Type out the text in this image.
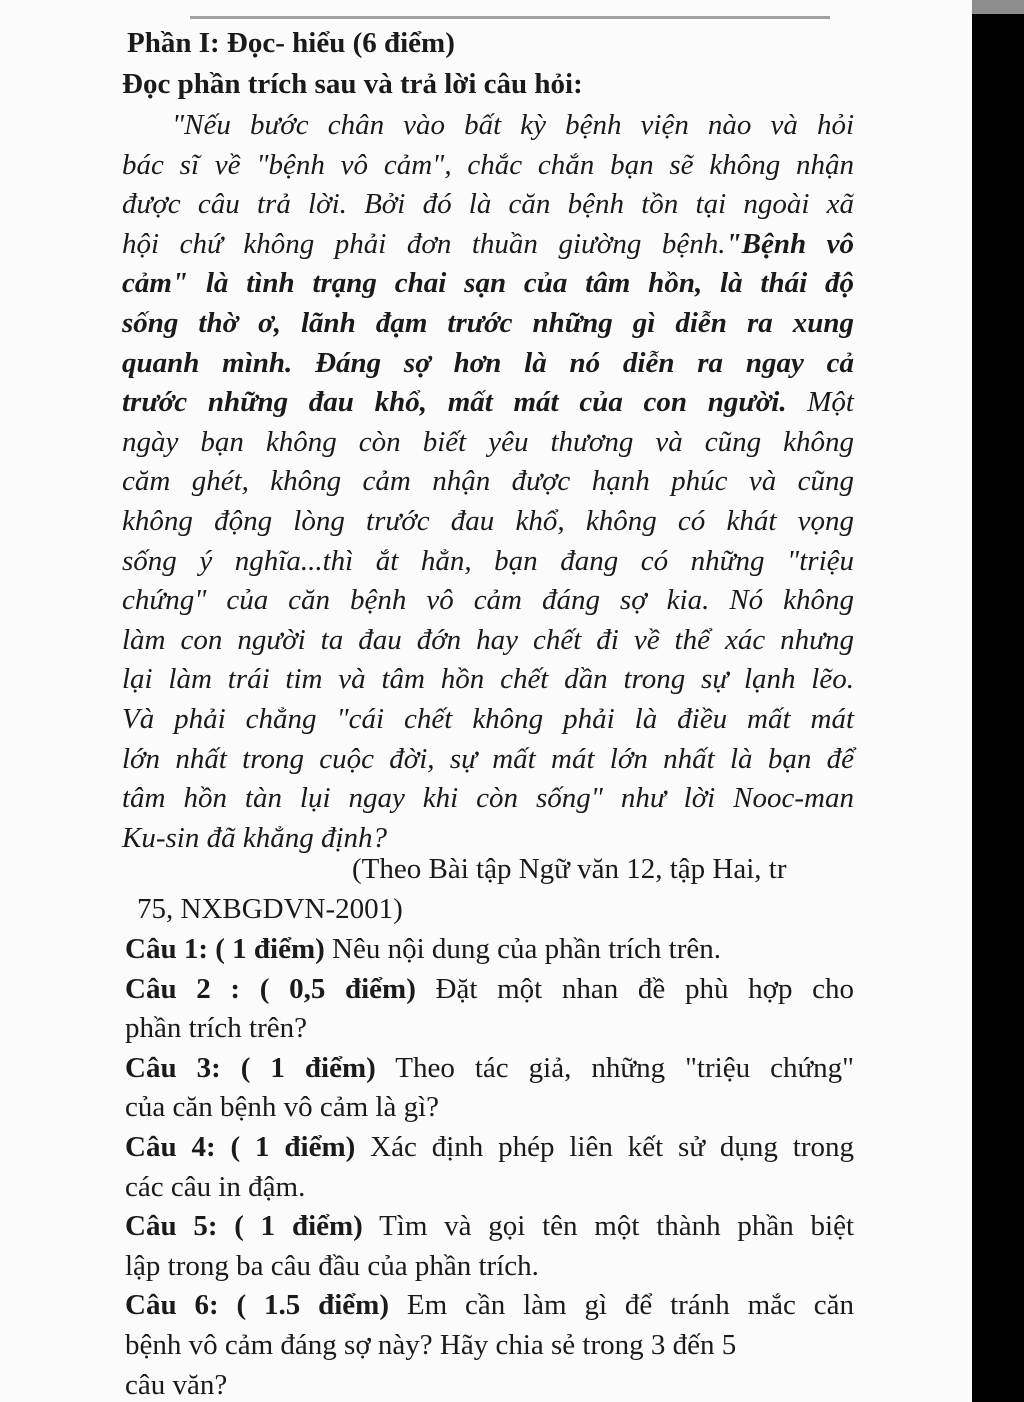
Phần I: Đọc- hiểu (6 điểm)
Đọc phần trích sau và trả lời câu hỏi:
"Nếu bước chân vào bất kỳ bệnh viện nào và hỏi
bác sĩ về "bệnh vô cảm", chắc chắn bạn sẽ không nhận
được câu trả lời. Bởi đó là căn bệnh tồn tại ngoài xã
hội chứ không phải đơn thuần giường bệnh."Bệnh vô
cảm" là tình trạng chai sạn của tâm hồn, là thái độ
sống thờ ơ, lãnh đạm trước những gì diễn ra xung
quanh mình. Đáng sợ hơn là nó diễn ra ngay cả
trước những đau khổ, mất mát của con người. Một
ngày bạn không còn biết yêu thương và cũng không
căm ghét, không cảm nhận được hạnh phúc và cũng
không động lòng trước đau khổ, không có khát vọng
sống ý nghĩa...thì ắt hẳn, bạn đang có những "triệu
chứng" của căn bệnh vô cảm đáng sợ kia. Nó không
làm con người ta đau đớn hay chết đi về thể xác nhưng
lại làm trái tim và tâm hồn chết dần trong sự lạnh lẽo.
Và phải chẳng "cái chết không phải là điều mất mát
lớn nhất trong cuộc đời, sự mất mát lớn nhất là bạn để
tâm hồn tàn lụi ngay khi còn sống" như lời Nooc-man
Ku-sin đã khẳng định?
(Theo Bài tập Ngữ văn 12, tập Hai, tr
75, NXBGDVN-2001)
Câu 1: ( 1 điểm) Nêu nội dung của phần trích trên.
Câu 2 : ( 0,5 điểm) Đặt một nhan đề phù hợp cho
phần trích trên?
Câu 3: ( 1 điểm) Theo tác giả, những "triệu chứng"
của căn bệnh vô cảm là gì?
Câu 4: ( 1 điểm) Xác định phép liên kết sử dụng trong
các câu in đậm.
Câu 5: ( 1 điểm) Tìm và gọi tên một thành phần biệt
lập trong ba câu đầu của phần trích.
Câu 6: ( 1.5 điểm) Em cần làm gì để tránh mắc căn
bệnh vô cảm đáng sợ này? Hãy chia sẻ trong 3 đến 5
câu văn?
